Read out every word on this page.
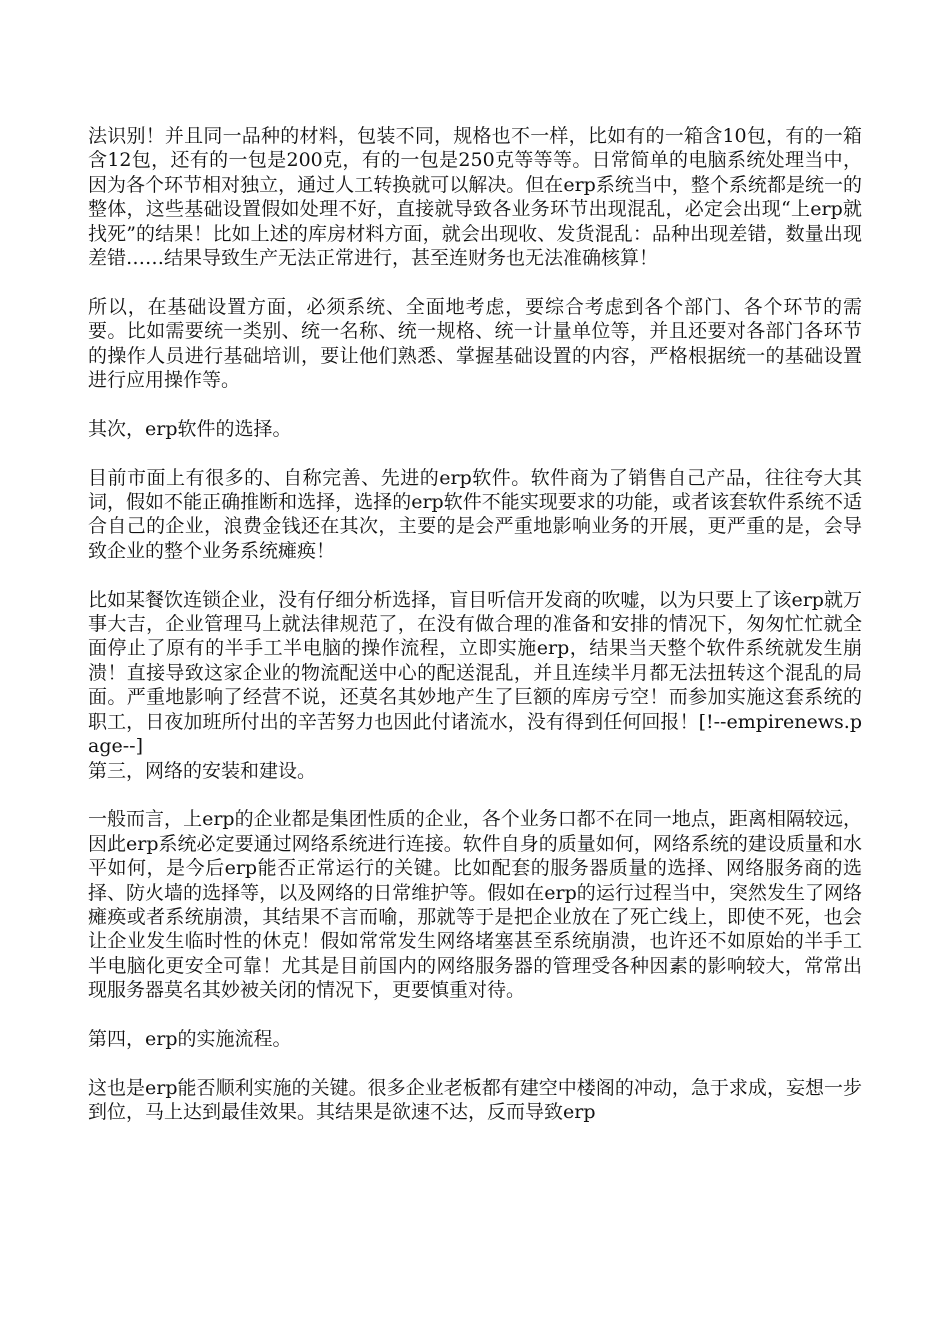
法识别！并且同一品种的材料，包装不同，规格也不一样，比如有的一箱含10包，有的一箱含12包，还有的一包是200克，有的一包是250克等等等。日常简单的电脑系统处理当中，因为各个环节相对独立，通过人工转换就可以解决。但在erp系统当中，整个系统都是统一的整体，这些基础设置假如处理不好，直接就导致各业务环节出现混乱，必定会出现“上erp就找死”的结果！比如上述的库房材料方面，就会出现收、发货混乱：品种出现差错，数量出现差错……结果导致生产无法正常进行，甚至连财务也无法准确核算！

所以，在基础设置方面，必须系统、全面地考虑，要综合考虑到各个部门、各个环节的需要。比如需要统一类别、统一名称、统一规格、统一计量单位等，并且还要对各部门各环节的操作人员进行基础培训，要让他们熟悉、掌握基础设置的内容，严格根据统一的基础设置进行应用操作等。

其次，erp软件的选择。

目前市面上有很多的、自称完善、先进的erp软件。软件商为了销售自己产品，往往夸大其词，假如不能正确推断和选择，选择的erp软件不能实现要求的功能，或者该套软件系统不适合自己的企业，浪费金钱还在其次，主要的是会严重地影响业务的开展，更严重的是，会导致企业的整个业务系统瘫痪！

比如某餐饮连锁企业，没有仔细分析选择，盲目听信开发商的吹嘘，以为只要上了该erp就万事大吉，企业管理马上就法律规范了，在没有做合理的准备和安排的情况下，匆匆忙忙就全面停止了原有的半手工半电脑的操作流程，立即实施erp，结果当天整个软件系统就发生崩溃！直接导致这家企业的物流配送中心的配送混乱，并且连续半月都无法扭转这个混乱的局面。严重地影响了经营不说，还莫名其妙地产生了巨额的库房亏空！而参加实施这套系统的职工，日夜加班所付出的辛苦努力也因此付诸流水，没有得到任何回报！[!--empirenews.page--]

第三，网络的安装和建设。

一般而言，上erp的企业都是集团性质的企业，各个业务口都不在同一地点，距离相隔较远，因此erp系统必定要通过网络系统进行连接。软件自身的质量如何，网络系统的建设质量和水平如何，是今后erp能否正常运行的关键。比如配套的服务器质量的选择、网络服务商的选择、防火墙的选择等，以及网络的日常维护等。假如在erp的运行过程当中，突然发生了网络瘫痪或者系统崩溃，其结果不言而喻，那就等于是把企业放在了死亡线上，即使不死，也会让企业发生临时性的休克！假如常常发生网络堵塞甚至系统崩溃，也许还不如原始的半手工半电脑化更安全可靠！尤其是目前国内的网络服务器的管理受各种因素的影响较大，常常出现服务器莫名其妙被关闭的情况下，更要慎重对待。

第四，erp的实施流程。

这也是erp能否顺利实施的关键。很多企业老板都有建空中楼阁的冲动，急于求成，妄想一步到位，马上达到最佳效果。其结果是欲速不达，反而导致erp
